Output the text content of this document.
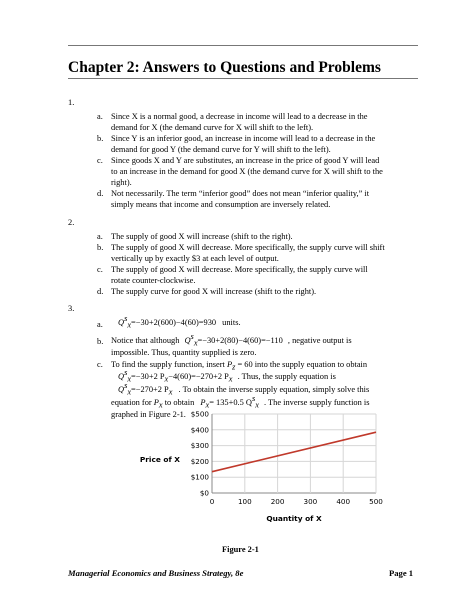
Chapter 2: Answers to Questions and Problems
1.
a. Since X is a normal good, a decrease in income will lead to a decrease in the
demand for X (the demand curve for X will shift to the left).
b. Since Y is an inferior good, an increase in income will lead to a decrease in the
demand for good Y (the demand curve for Y will shift to the left).
c. Since goods X and Y are substitutes, an increase in the price of good Y will lead
to an increase in the demand for good X (the demand curve for X will shift to the
right).
d. Not necessarily. The term “inferior good” does not mean “inferior quality,” it
simply means that income and consumption are inversely related.
2.
a. The supply of good X will increase (shift to the right).
b. The supply of good X will decrease. More specifically, the supply curve will shift
vertically up by exactly $3 at each level of output.
c. The supply of good X will decrease. More specifically, the supply curve will
rotate counter-clockwise.
d. The supply curve for good X will increase (shift to the right).
3.
a. $Q^s_x=-30+2(600)-4(60)=930$ units.
b. Notice that although $Q^s_x=-30+2(80)-4(60)=-110$ , negative output is
impossible. Thus, quantity supplied is zero.
c. To find the supply function, insert $P_z = 60$ into the supply equation to obtain
$Q^s_x=-30+2$ $P_x-4(60)=-270+2$ $P_x$ . Thus, the supply equation is
$Q^s_x=-270+2$ $P_x$ . To obtain the inverse supply equation, simply solve this
equation for $P_x$ to obtain $P_x= 135+0.5$ $Q^s_x$ . The inverse supply function is
graphed in Figure 2-1.
$0
$100
$200
$300
$400
$500
0	100	200	300	400	500
Price of X
Quantity of X
Figure 2-1
Managerial Economics and Business Strategy, 8e	Page 1
